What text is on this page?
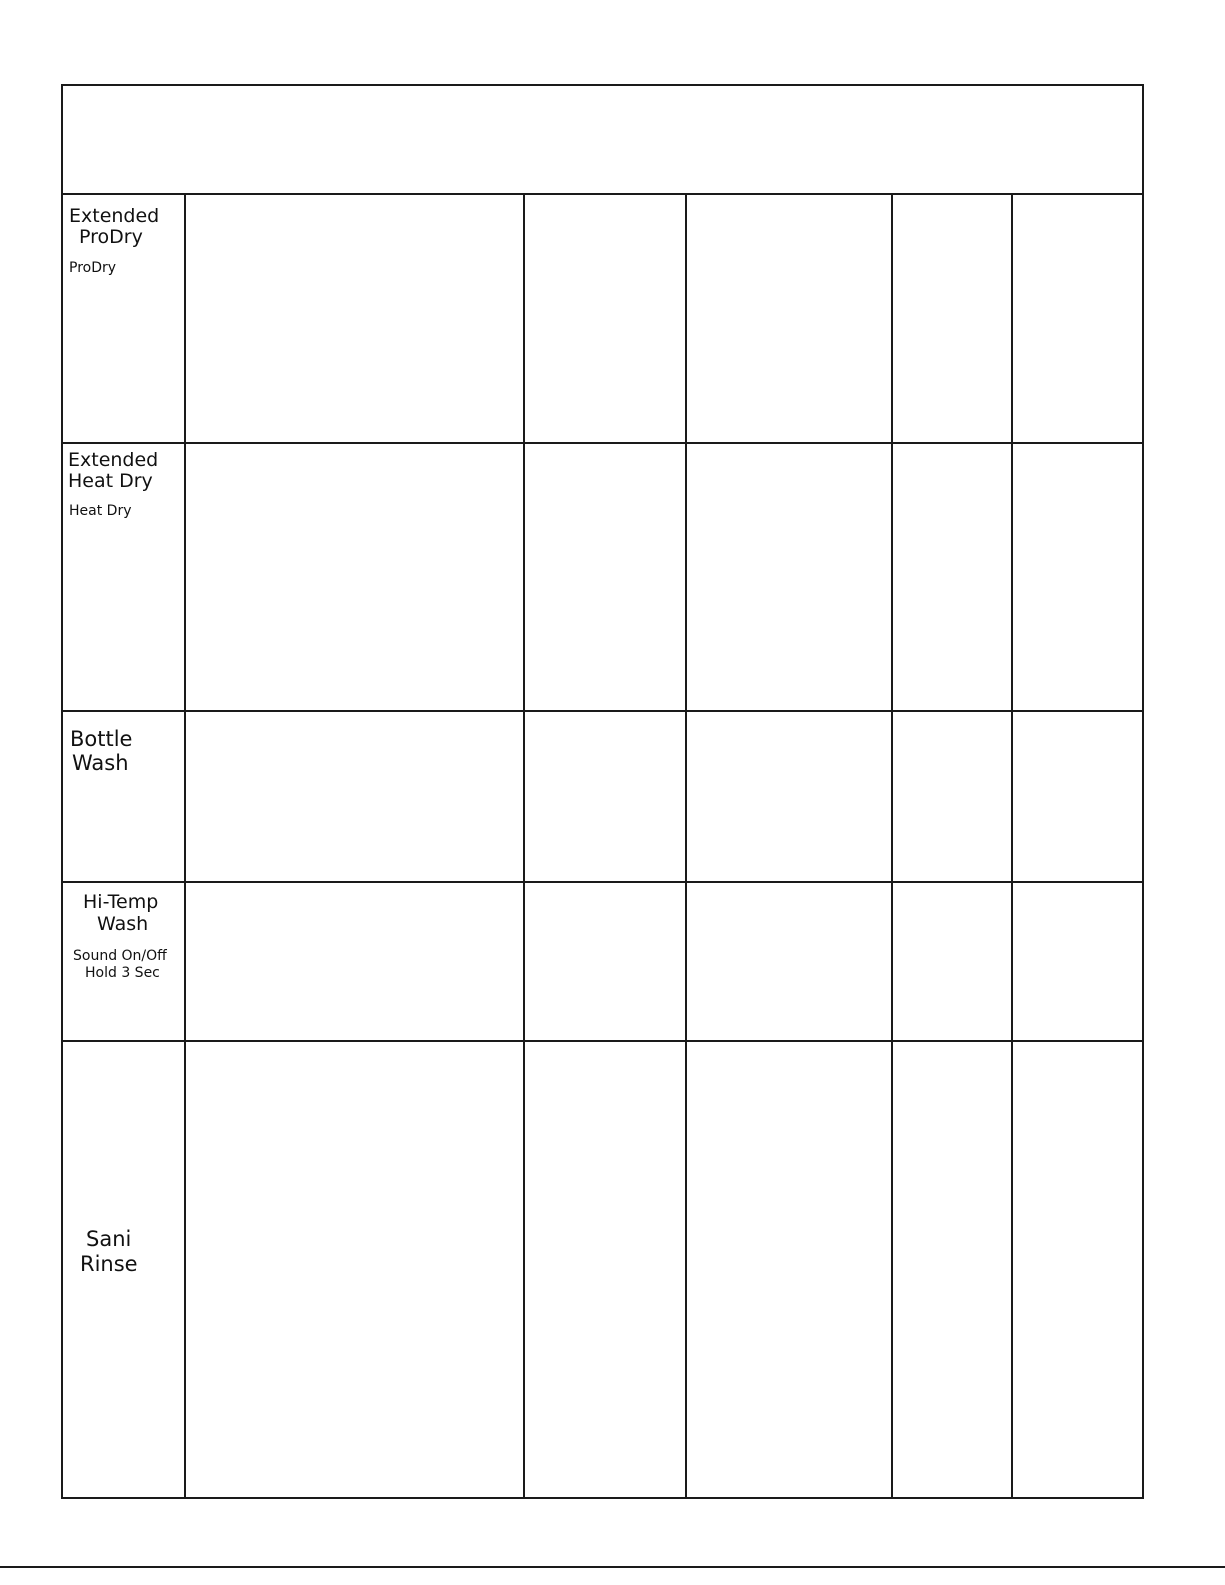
Extended
ProDry
ProDry
Extended
Heat Dry
Heat Dry
Bottle
Wash
Hi-Temp
Wash
Sound On/Off
Hold 3 Sec
Sani
Rinse
